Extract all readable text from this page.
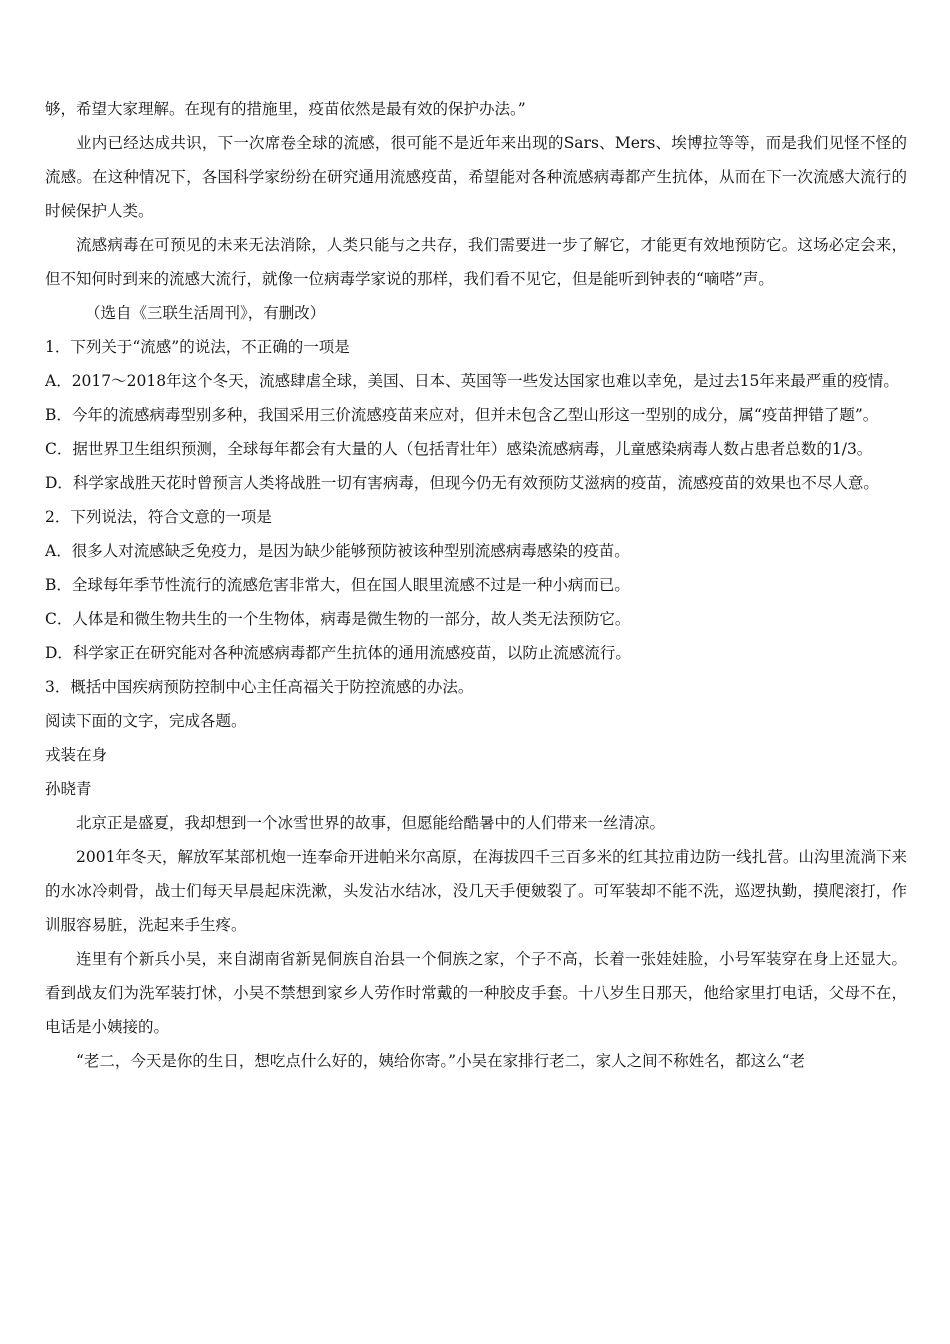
够，希望大家理解。在现有的措施里，疫苗依然是最有效的保护办法。”

业内已经达成共识，下一次席卷全球的流感，很可能不是近年来出现的Sars、Mers、埃博拉等等，而是我们见怪不怪的流感。在这种情况下，各国科学家纷纷在研究通用流感疫苗，希望能对各种流感病毒都产生抗体，从而在下一次流感大流行的时候保护人类。

流感病毒在可预见的未来无法消除，人类只能与之共存，我们需要进一步了解它，才能更有效地预防它。这场必定会来，但不知何时到来的流感大流行，就像一位病毒学家说的那样，我们看不见它，但是能听到钟表的“嘀嗒”声。

（选自《三联生活周刊》，有删改）

1．下列关于“流感”的说法，不正确的一项是

A．2017～2018年这个冬天，流感肆虐全球，美国、日本、英国等一些发达国家也难以幸免，是过去15年来最严重的疫情。

B．今年的流感病毒型别多种，我国采用三价流感疫苗来应对，但并未包含乙型山形这一型别的成分，属“疫苗押错了题”。

C．据世界卫生组织预测，全球每年都会有大量的人（包括青壮年）感染流感病毒，儿童感染病毒人数占患者总数的1/3。

D．科学家战胜天花时曾预言人类将战胜一切有害病毒，但现今仍无有效预防艾滋病的疫苗，流感疫苗的效果也不尽人意。

2．下列说法，符合文意的一项是

A．很多人对流感缺乏免疫力，是因为缺少能够预防被该种型别流感病毒感染的疫苗。

B．全球每年季节性流行的流感危害非常大，但在国人眼里流感不过是一种小病而已。

C．人体是和微生物共生的一个生物体，病毒是微生物的一部分，故人类无法预防它。

D．科学家正在研究能对各种流感病毒都产生抗体的通用流感疫苗，以防止流感流行。

3．概括中国疾病预防控制中心主任高福关于防控流感的办法。

阅读下面的文字，完成各题。

戎装在身

孙晓青

北京正是盛夏，我却想到一个冰雪世界的故事，但愿能给酷暑中的人们带来一丝清凉。

2001年冬天，解放军某部机炮一连奉命开进帕米尔高原，在海拔四千三百多米的红其拉甫边防一线扎营。山沟里流淌下来的水冰冷刺骨，战士们每天早晨起床洗漱，头发沾水结冰，没几天手便皴裂了。可军装却不能不洗，巡逻执勤，摸爬滚打，作训服容易脏，洗起来手生疼。

连里有个新兵小吴，来自湖南省新晃侗族自治县一个侗族之家，个子不高，长着一张娃娃脸，小号军装穿在身上还显大。看到战友们为洗军装打怵，小吴不禁想到家乡人劳作时常戴的一种胶皮手套。十八岁生日那天，他给家里打电话，父母不在，电话是小姨接的。

“老二，今天是你的生日，想吃点什么好的，姨给你寄。”小吴在家排行老二，家人之间不称姓名，都这么“老
